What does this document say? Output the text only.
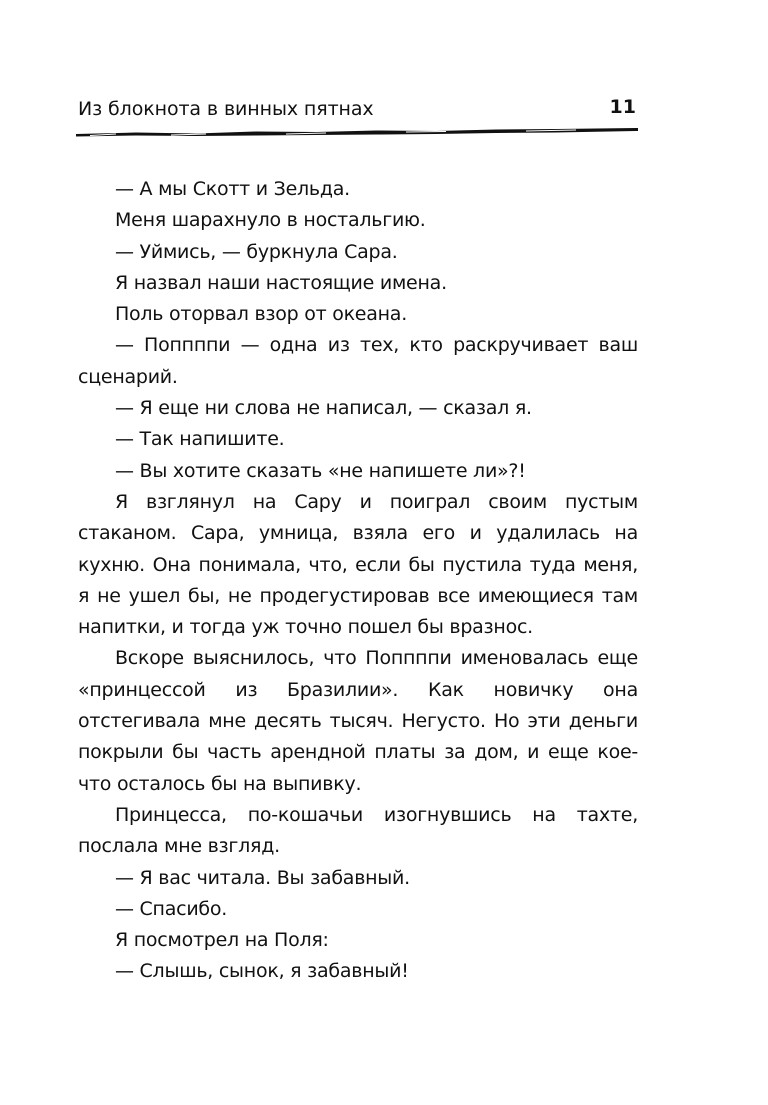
Из блокнота в винных пятнах	11

— А мы Скотт и Зельда.

Меня шарахнуло в ностальгию.

— Уймись, — буркнула Сара.

Я назвал наши настоящие имена.

Поль оторвал взор от океана.

— Поппппи — одна из тех, кто раскручивает ваш сценарий.

— Я еще ни слова не написал, — сказал я.

— Так напишите.

— Вы хотите сказать «не напишете ли»?!

Я взглянул на Сару и поиграл своим пустым стаканом. Сара, умница, взяла его и удалилась на кухню. Она понимала, что, если бы пустила туда меня, я не ушел бы, не продегустировав все имеющиеся там напитки, и тогда уж точно пошел бы вразнос.

Вскоре выяснилось, что Поппппи именовалась еще «принцессой из Бразилии». Как новичку она отстегивала мне десять тысяч. Негусто. Но эти деньги покрыли бы часть арендной платы за дом, и еще кое-что осталось бы на выпивку.

Принцесса, по-кошачьи изогнувшись на тахте, послала мне взгляд.

— Я вас читала. Вы забавный.

— Спасибо.

Я посмотрел на Поля:

— Слышь, сынок, я забавный!
